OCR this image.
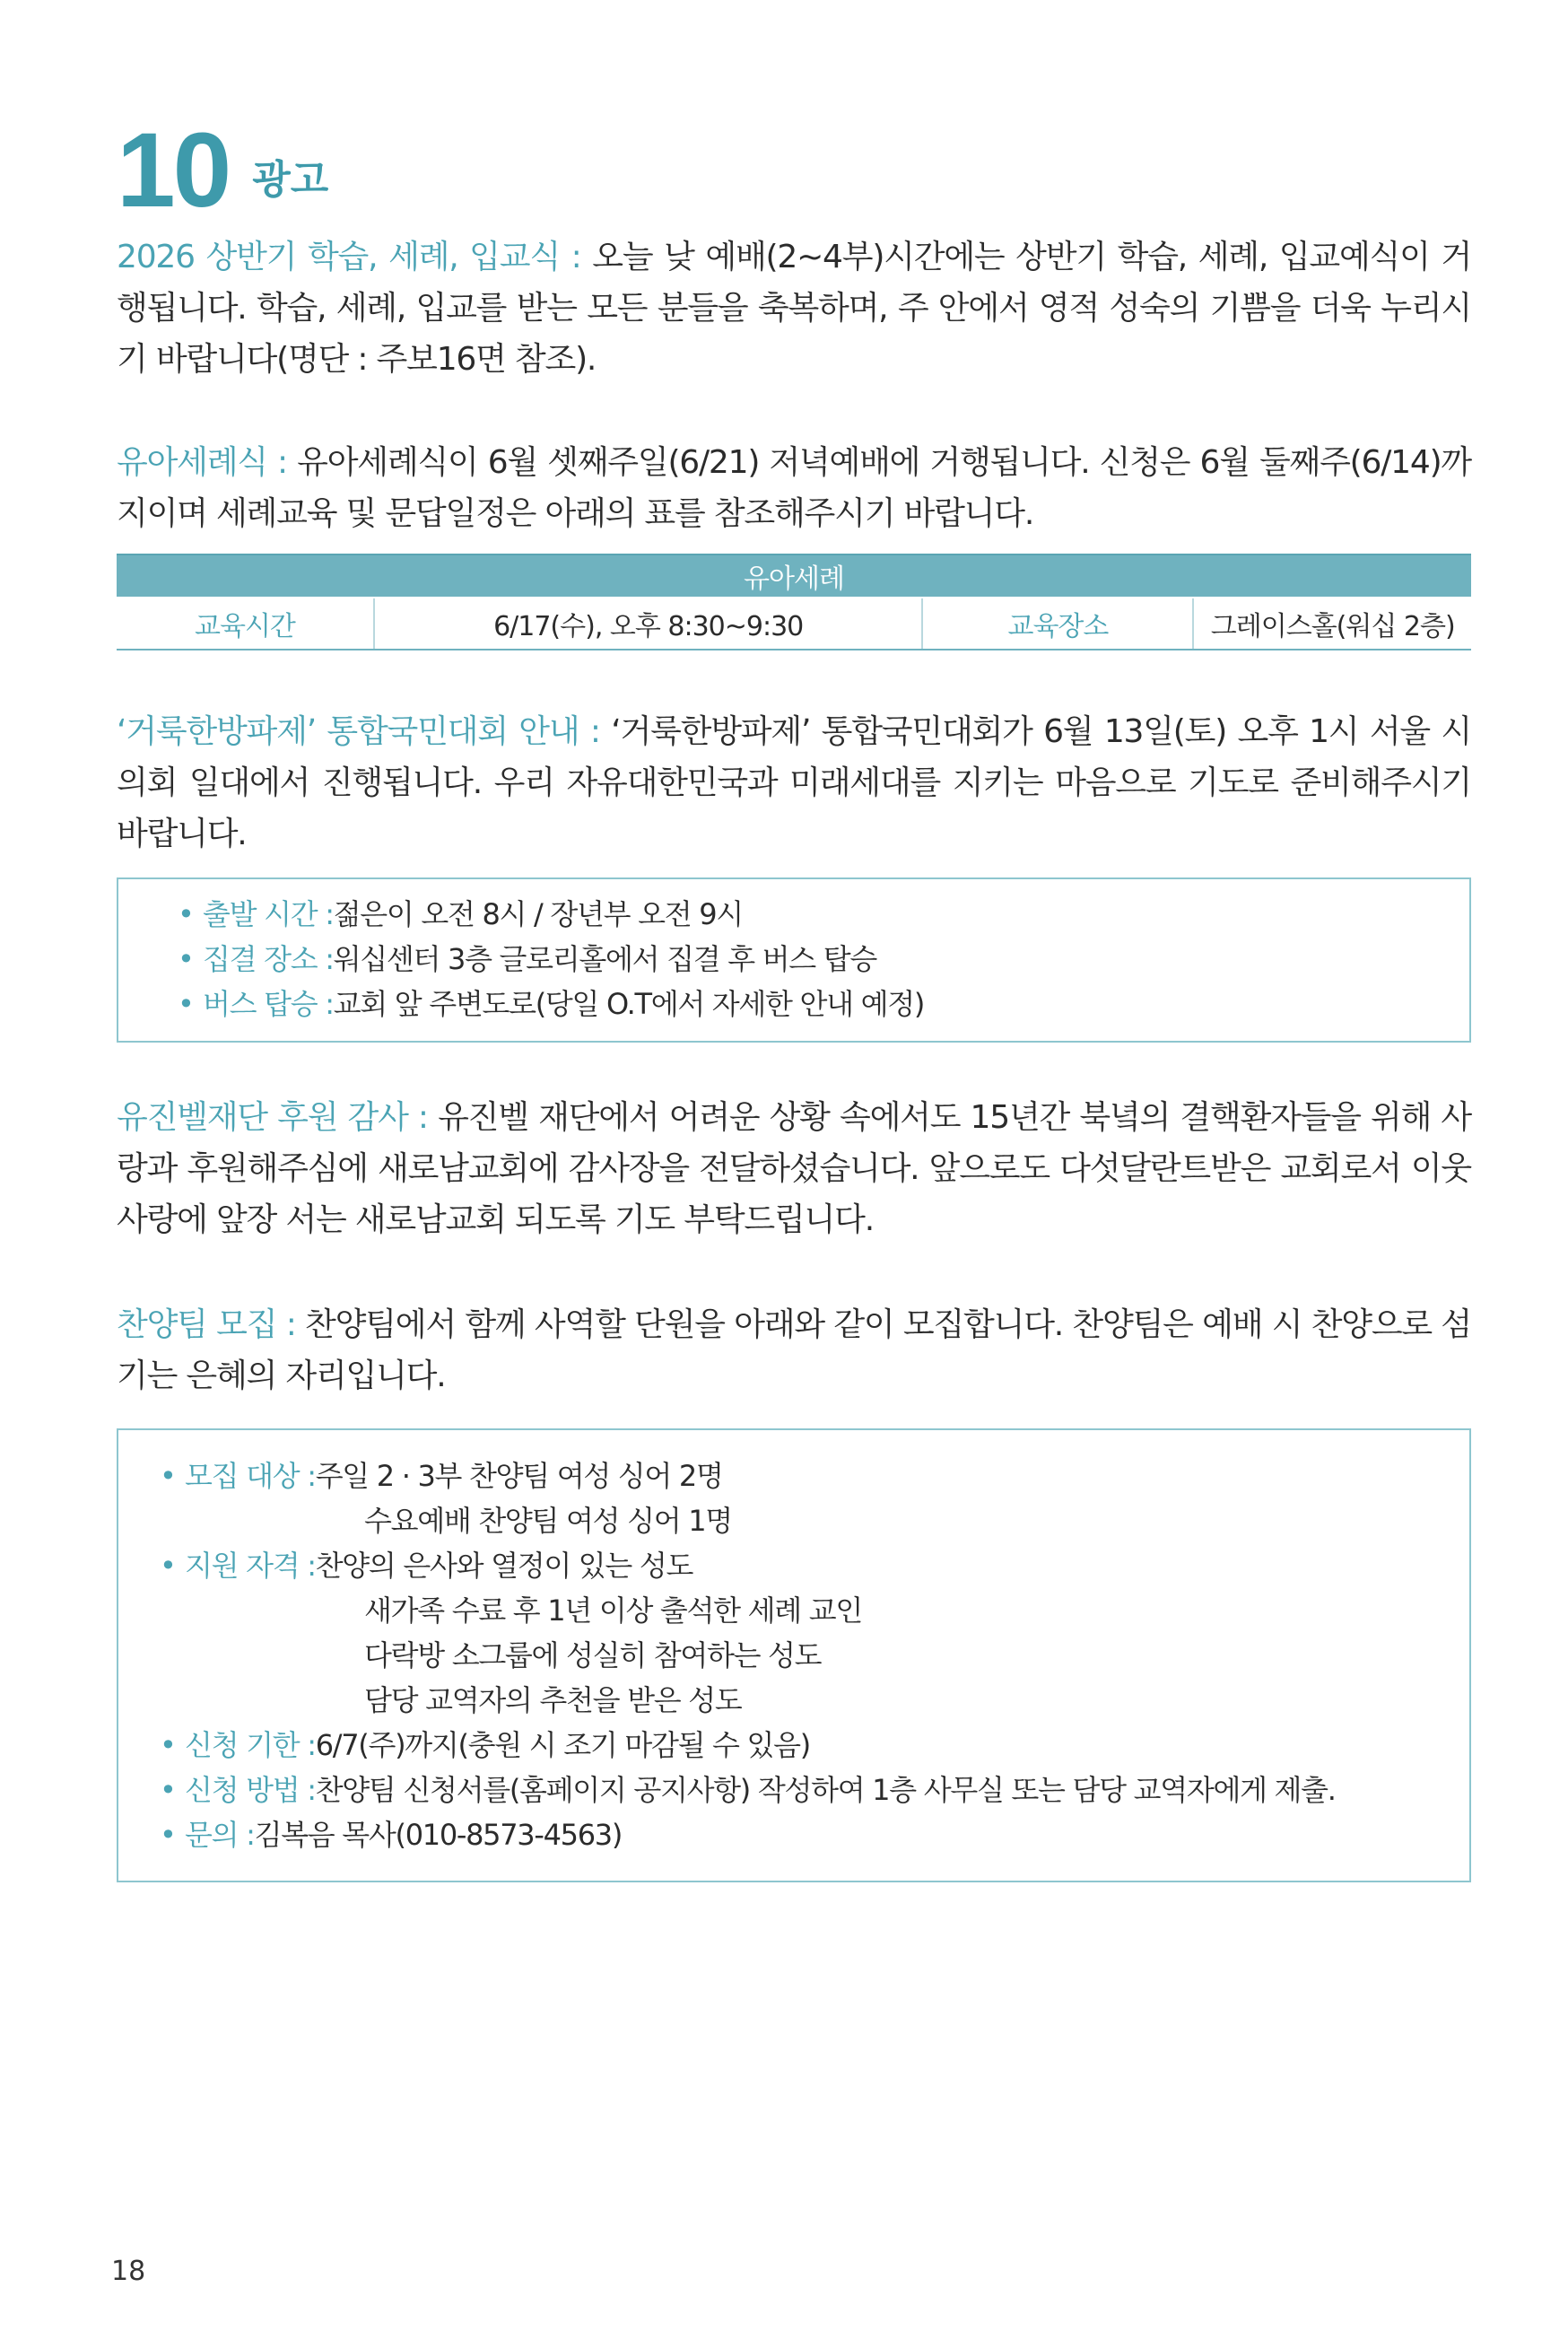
10 광고

2026 상반기 학습, 세례, 입교식 : 오늘 낮 예배(2~4부)시간에는 상반기 학습, 세례, 입교예식이 거행됩니다. 학습, 세례, 입교를 받는 모든 분들을 축복하며, 주 안에서 영적 성숙의 기쁨을 더욱 누리시기 바랍니다(명단 : 주보16면 참조).

유아세례식 : 유아세례식이 6월 셋째주일(6/21) 저녁예배에 거행됩니다. 신청은 6월 둘째주(6/14)까지이며 세례교육 및 문답일정은 아래의 표를 참조해주시기 바랍니다.

유아세례
교육시간	6/17(수), 오후 8:30~9:30	교육장소	그레이스홀(워십 2층)

‘거룩한방파제’ 통합국민대회 안내 : ‘거룩한방파제’ 통합국민대회가 6월 13일(토) 오후 1시 서울 시의회 일대에서 진행됩니다. 우리 자유대한민국과 미래세대를 지키는 마음으로 기도로 준비해주시기 바랍니다.

• 출발 시간 : 젊은이 오전 8시 / 장년부 오전 9시
• 집결 장소 : 워십센터 3층 글로리홀에서 집결 후 버스 탑승
• 버스 탑승 : 교회 앞 주변도로(당일 O.T에서 자세한 안내 예정)

유진벨재단 후원 감사 : 유진벨 재단에서 어려운 상황 속에서도 15년간 북녘의 결핵환자들을 위해 사랑과 후원해주심에 새로남교회에 감사장을 전달하셨습니다. 앞으로도 다섯달란트받은 교회로서 이웃사랑에 앞장 서는 새로남교회 되도록 기도 부탁드립니다.

찬양팀 모집 : 찬양팀에서 함께 사역할 단원을 아래와 같이 모집합니다. 찬양팀은 예배 시 찬양으로 섬기는 은혜의 자리입니다.

• 모집 대상 : 주일 2 · 3부 찬양팀 여성 싱어 2명
수요예배 찬양팀 여성 싱어 1명
• 지원 자격 : 찬양의 은사와 열정이 있는 성도
새가족 수료 후 1년 이상 출석한 세례 교인
다락방 소그룹에 성실히 참여하는 성도
담당 교역자의 추천을 받은 성도
• 신청 기한 : 6/7(주)까지(충원 시 조기 마감될 수 있음)
• 신청 방법 : 찬양팀 신청서를(홈페이지 공지사항) 작성하여 1층 사무실 또는 담당 교역자에게 제출.
• 문의 : 김복음 목사(010-8573-4563)
18
